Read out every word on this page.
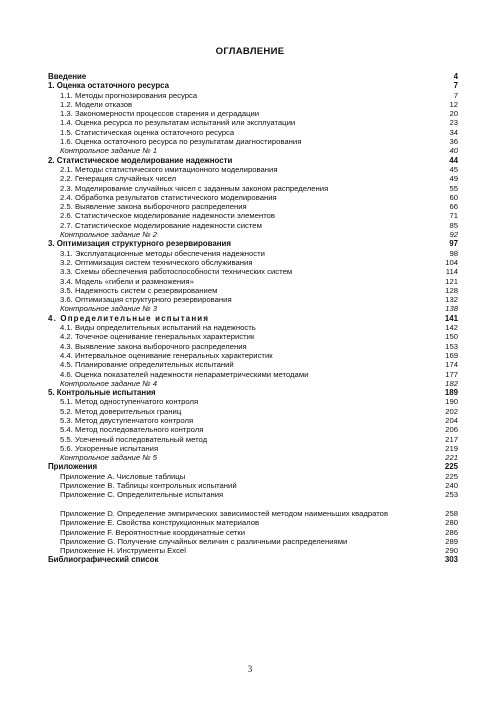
ОГЛАВЛЕНИЕ
Введение	4
1. Оценка остаточного ресурса	7
1.1. Методы прогнозирования ресурса	7
1.2. Модели отказов	12
1.3. Закономерности процессов старения и деградации	20
1.4. Оценка ресурса по результатам испытаний или эксплуатации	23
1.5. Статистическая оценка остаточного ресурса	34
1.6. Оценка остаточного ресурса по результатам диагностирования	36
Контрольное задание № 1	40
2. Статистическое моделирование надежности	44
2.1. Методы статистического имитационного моделирования	45
2.2. Генерация случайных чисел	49
2.3. Моделирование случайных чисел с заданным законом распределения	55
2.4. Обработка результатов статистического моделирования	60
2.5. Выявление закона выборочного распределения	66
2.6. Статистическое моделирование надежности элементов	71
2.7. Статистическое моделирование надежности систем	85
Контрольное задание № 2	92
3. Оптимизация структурного резервирования	97
3.1. Эксплуатационные методы обеспечения надежности	98
3.2. Оптимизация систем технического обслуживания	104
3.3. Схемы обеспечения работоспособности технических систем	114
3.4. Модель «гибели и размножения»	121
3.5. Надежность систем с резервированием	128
3.6. Оптимизация структурного резервирования	132
Контрольное задание № 3	138
4. Определительные испытания	141
4.1. Виды определительных испытаний на надежность	142
4.2. Точечное оценивание генеральных характеристик	150
4.3. Выявление закона выборочного распределения	153
4.4. Интервальное оценивание генеральных характеристик	169
4.5. Планирование определительных испытаний	174
4.6. Оценка показателей надежности непараметрическими методами	177
Контрольное задание № 4	182
5. Контрольные испытания	189
5.1. Метод одноступенчатого контроля	190
5.2. Метод доверительных границ	202
5.3. Метод двуступенчатого контроля	204
5.4. Метод последовательного контроля	206
5.5. Усеченный последовательный метод	217
5.6. Ускоренные испытания	219
Контрольное задание № 5	221
Приложения	225
Приложение А. Числовые таблицы	225
Приложение В. Таблицы контрольных испытаний	240
Приложение С. Определительные испытания	253
Приложение D. Определение эмпирических зависимостей методом наименьших квадратов	258
Приложение Е. Свойства конструкционных материалов	280
Приложение F. Вероятностные координатные сетки	286
Приложение G. Получение случайных величин с различными распределениями	289
Приложение H. Инструменты Excel	290
Библиографический список	303
3
